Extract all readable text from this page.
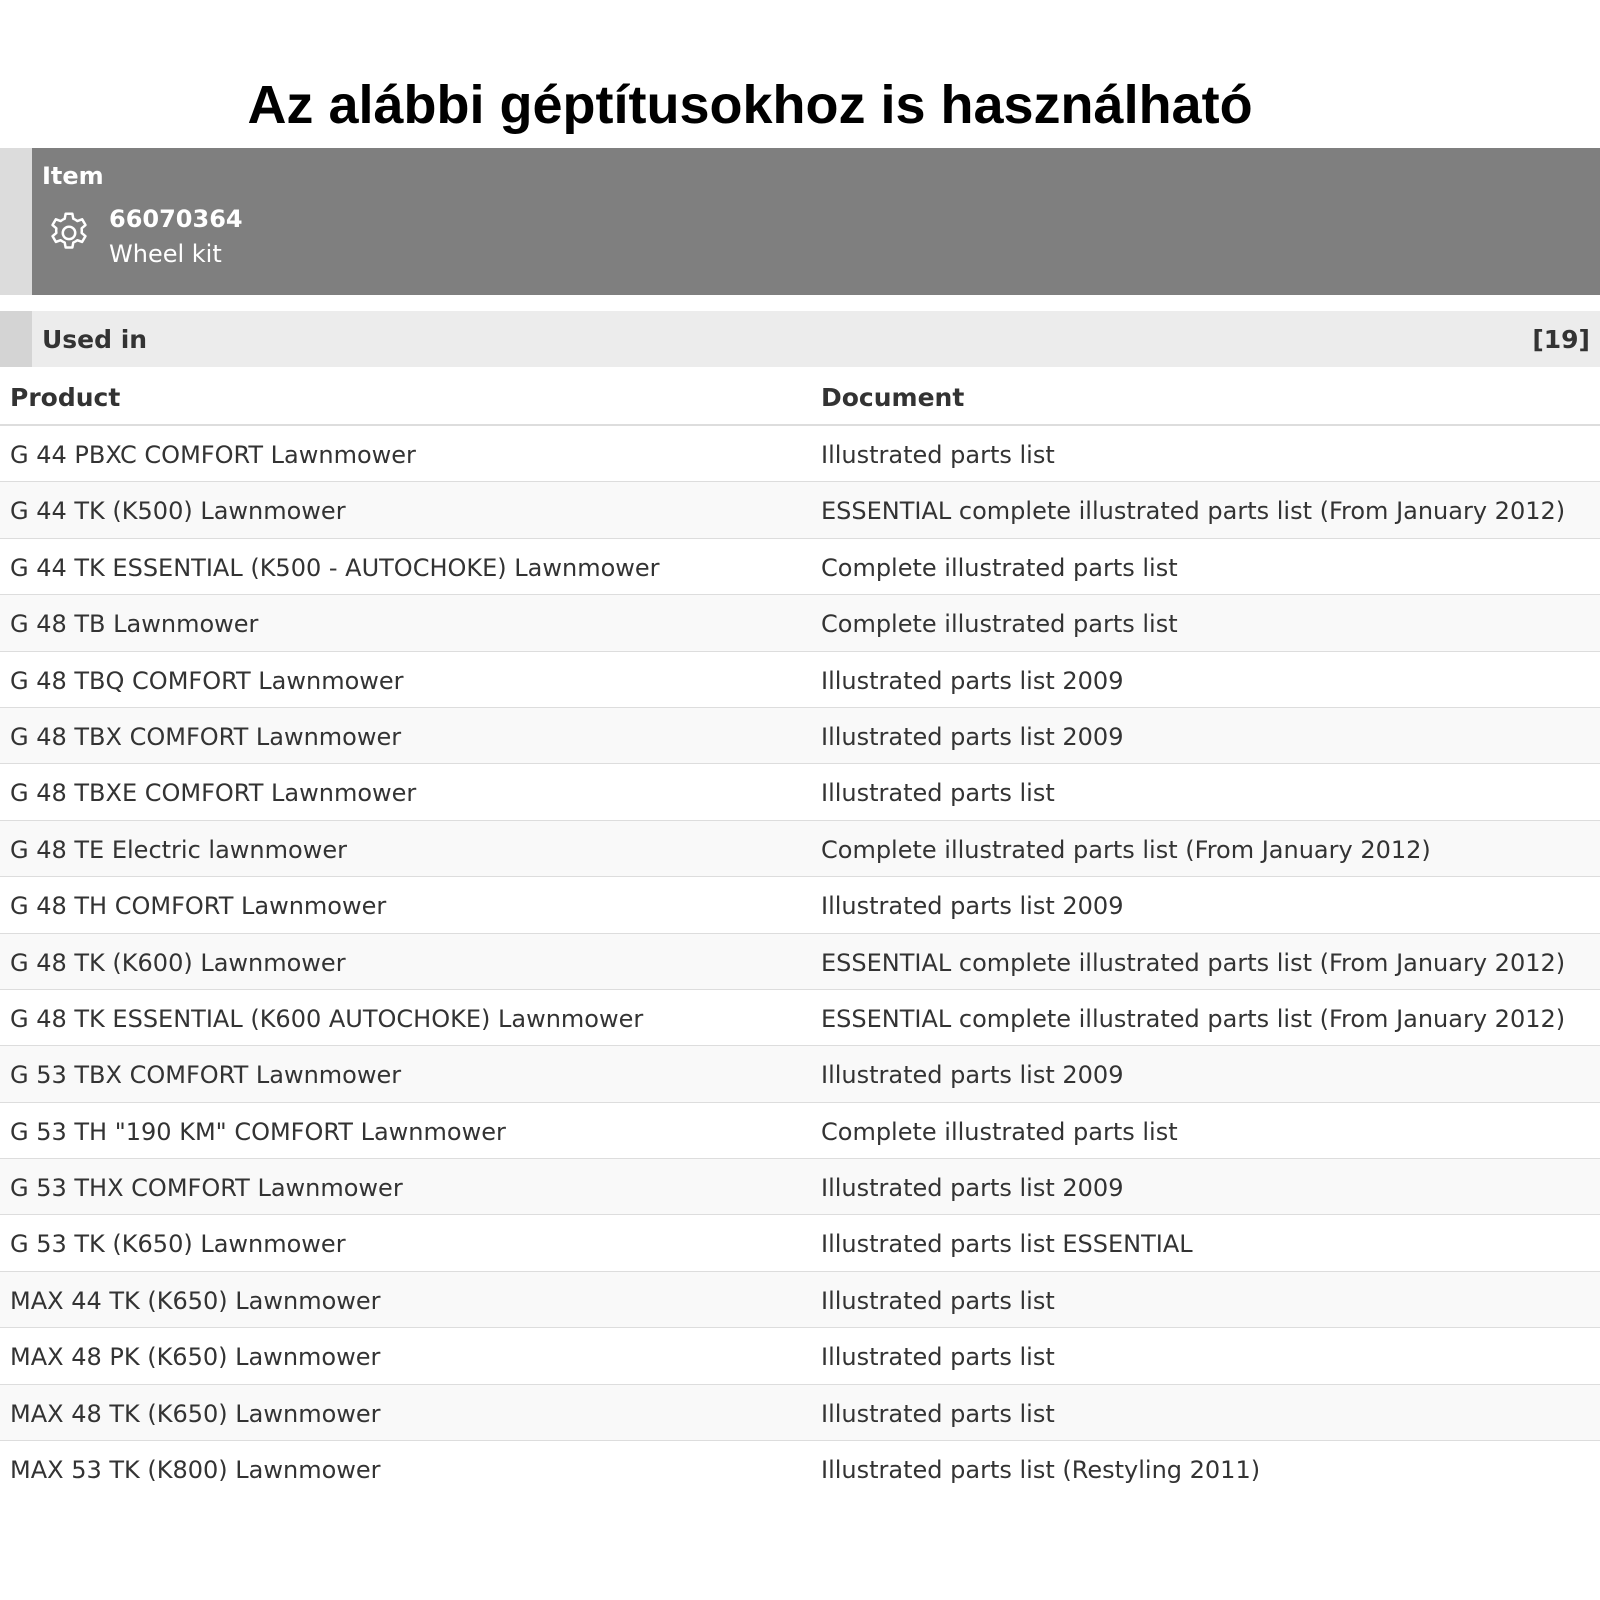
Az alábbi géptítusokhoz is használható
Item
66070364
Wheel kit
Used in	[19]
Product	Document
G 44 PBXC COMFORT Lawnmower	Illustrated parts list
G 44 TK (K500) Lawnmower	ESSENTIAL complete illustrated parts list (From January 2012)
G 44 TK ESSENTIAL (K500 - AUTOCHOKE) Lawnmower	Complete illustrated parts list
G 48 TB Lawnmower	Complete illustrated parts list
G 48 TBQ COMFORT Lawnmower	Illustrated parts list 2009
G 48 TBX COMFORT Lawnmower	Illustrated parts list 2009
G 48 TBXE COMFORT Lawnmower	Illustrated parts list
G 48 TE Electric lawnmower	Complete illustrated parts list (From January 2012)
G 48 TH COMFORT Lawnmower	Illustrated parts list 2009
G 48 TK (K600) Lawnmower	ESSENTIAL complete illustrated parts list (From January 2012)
G 48 TK ESSENTIAL (K600 AUTOCHOKE) Lawnmower	ESSENTIAL complete illustrated parts list (From January 2012)
G 53 TBX COMFORT Lawnmower	Illustrated parts list 2009
G 53 TH "190 KM" COMFORT Lawnmower	Complete illustrated parts list
G 53 THX COMFORT Lawnmower	Illustrated parts list 2009
G 53 TK (K650) Lawnmower	Illustrated parts list ESSENTIAL
MAX 44 TK (K650) Lawnmower	Illustrated parts list
MAX 48 PK (K650) Lawnmower	Illustrated parts list
MAX 48 TK (K650) Lawnmower	Illustrated parts list
MAX 53 TK (K800) Lawnmower	Illustrated parts list (Restyling 2011)
